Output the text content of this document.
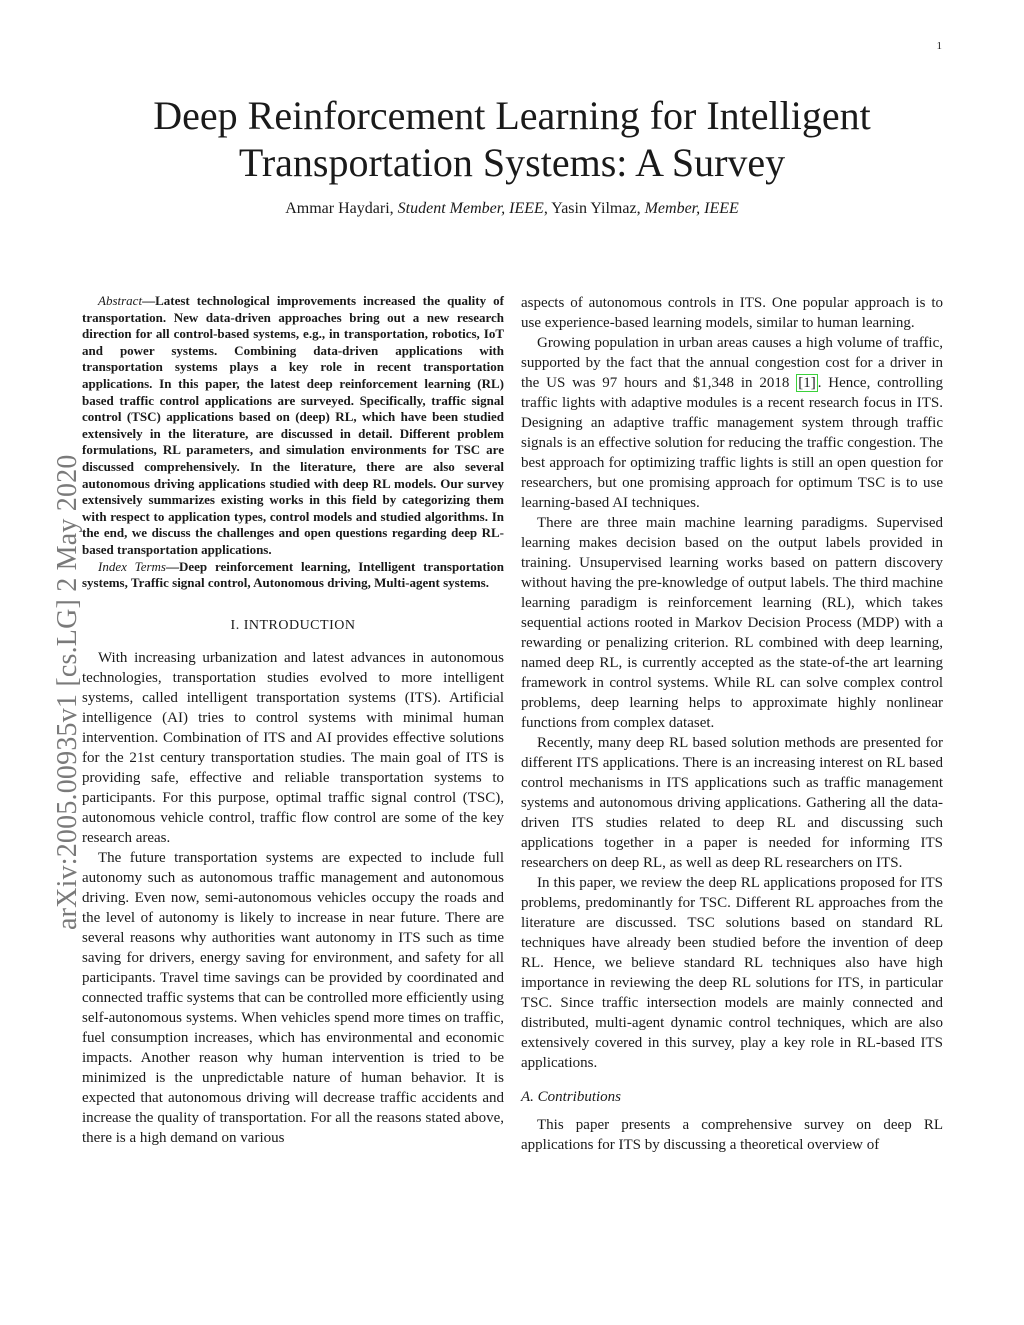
1
arXiv:2005.00935v1 [cs.LG] 2 May 2020
Deep Reinforcement Learning for Intelligent
Transportation Systems: A Survey
Ammar Haydari, Student Member, IEEE, Yasin Yilmaz, Member, IEEE

Abstract—Latest technological improvements increased the quality of transportation. New data-driven approaches bring out a new research direction for all control-based systems, e.g., in transportation, robotics, IoT and power systems. Combining data-driven applications with transportation systems plays a key role in recent transportation applications. In this paper, the latest deep reinforcement learning (RL) based traffic control applications are surveyed. Specifically, traffic signal control (TSC) applications based on (deep) RL, which have been studied extensively in the literature, are discussed in detail. Different problem formulations, RL parameters, and simulation environments for TSC are discussed comprehensively. In the literature, there are also several autonomous driving applications studied with deep RL models. Our survey extensively summarizes existing works in this field by categorizing them with respect to application types, control models and studied algorithms. In the end, we discuss the challenges and open questions regarding deep RL-based transportation applications.

Index Terms—Deep reinforcement learning, Intelligent transportation systems, Traffic signal control, Autonomous driving, Multi-agent systems.

I. INTRODUCTION

With increasing urbanization and latest advances in autonomous technologies, transportation studies evolved to more intelligent systems, called intelligent transportation systems (ITS). Artificial intelligence (AI) tries to control systems with minimal human intervention. Combination of ITS and AI provides effective solutions for the 21st century transportation studies. The main goal of ITS is providing safe, effective and reliable transportation systems to participants. For this purpose, optimal traffic signal control (TSC), autonomous vehicle control, traffic flow control are some of the key research areas.

The future transportation systems are expected to include full autonomy such as autonomous traffic management and autonomous driving. Even now, semi-autonomous vehicles occupy the roads and the level of autonomy is likely to increase in near future. There are several reasons why authorities want autonomy in ITS such as time saving for drivers, energy saving for environment, and safety for all participants. Travel time savings can be provided by coordinated and connected traffic systems that can be controlled more efficiently using self-autonomous systems. When vehicles spend more times on traffic, fuel consumption increases, which has environmental and economic impacts. Another reason why human intervention is tried to be minimized is the unpredictable nature of human behavior. It is expected that autonomous driving will decrease traffic accidents and increase the quality of transportation. For all the reasons stated above, there is a high demand on various

aspects of autonomous controls in ITS. One popular approach is to use experience-based learning models, similar to human learning.

Growing population in urban areas causes a high volume of traffic, supported by the fact that the annual congestion cost for a driver in the US was 97 hours and $1,348 in 2018 [1] . Hence, controlling traffic lights with adaptive modules is a recent research focus in ITS. Designing an adaptive traffic management system through traffic signals is an effective solution for reducing the traffic congestion. The best approach for optimizing traffic lights is still an open question for researchers, but one promising approach for optimum TSC is to use learning-based AI techniques.

There are three main machine learning paradigms. Supervised learning makes decision based on the output labels provided in training. Unsupervised learning works based on pattern discovery without having the pre-knowledge of output labels. The third machine learning paradigm is reinforcement learning (RL), which takes sequential actions rooted in Markov Decision Process (MDP) with a rewarding or penalizing criterion. RL combined with deep learning, named deep RL, is currently accepted as the state-of-the art learning framework in control systems. While RL can solve complex control problems, deep learning helps to approximate highly nonlinear functions from complex dataset.

Recently, many deep RL based solution methods are presented for different ITS applications. There is an increasing interest on RL based control mechanisms in ITS applications such as traffic management systems and autonomous driving applications. Gathering all the data-driven ITS studies related to deep RL and discussing such applications together in a paper is needed for informing ITS researchers on deep RL, as well as deep RL researchers on ITS.

In this paper, we review the deep RL applications proposed for ITS problems, predominantly for TSC. Different RL approaches from the literature are discussed. TSC solutions based on standard RL techniques have already been studied before the invention of deep RL. Hence, we believe standard RL techniques also have high importance in reviewing the deep RL solutions for ITS, in particular TSC. Since traffic intersection models are mainly connected and distributed, multi-agent dynamic control techniques, which are also extensively covered in this survey, play a key role in RL-based ITS applications.

A. Contributions

This paper presents a comprehensive survey on deep RL applications for ITS by discussing a theoretical overview of
